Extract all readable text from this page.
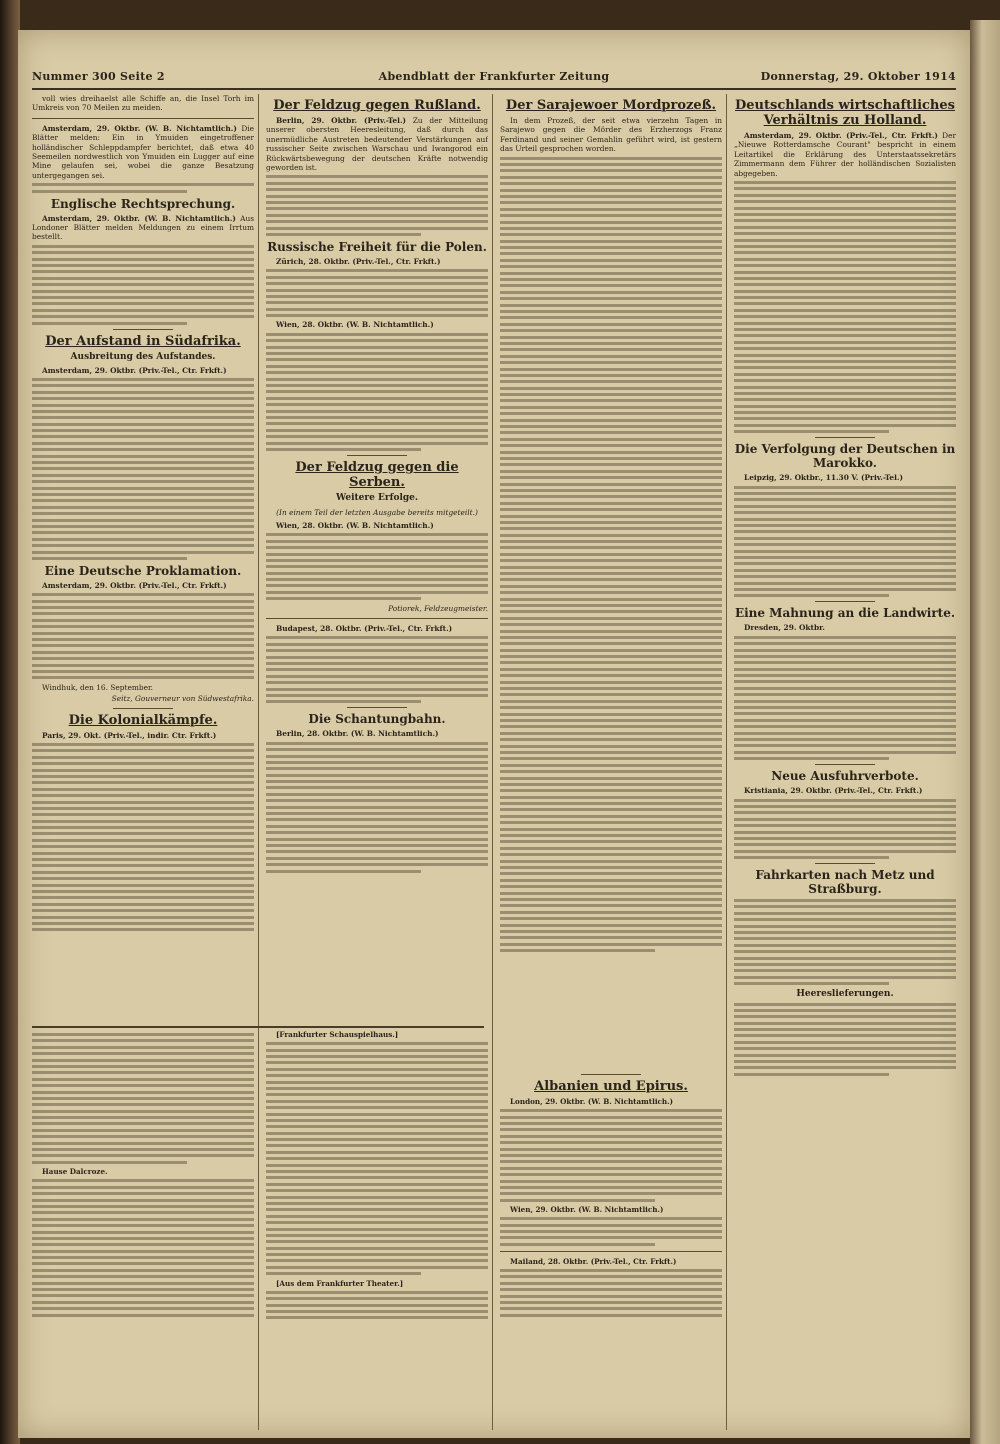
Nummer 300 Seite 2	Abendblatt der Frankfurter Zeitung	Donnerstag, 29. Oktober 1914

voll wies dreihaelst alle Schiffe an, die Insel Torh im Umkreis von 70 Meilen zu meiden.

Amsterdam, 29. Oktbr. (W. B. Nichtamtlich.) Die Blätter melden: Ein in Ymuiden eingetroffener holländischer Schleppdampfer berichtet, daß etwa 40 Seemeilen nordwestlich von Ymuiden ein Lugger auf eine Mine gelaufen sei, wobei die ganze Besatzung untergegangen sei.

Englische Rechtsprechung.

Amsterdam, 29. Oktbr. (W. B. Nichtamtlich.) Aus Londoner Blätter melden Meldungen zu einem Irrtum bestellt.

Der Aufstand in Südafrika.
Ausbreitung des Aufstandes.

Amsterdam, 29. Oktbr. (Priv.-Tel., Ctr. Frkft.)

Eine Deutsche Proklamation.

Amsterdam, 29. Oktbr. (Priv.-Tel., Ctr. Frkft.)

Windhuk, den 16. September.

Seitz, Gouverneur von Südwestafrika.

Die Kolonialkämpfe.

Paris, 29. Okt. (Priv.-Tel., indir. Ctr. Frkft.)

Der Feldzug gegen Rußland.

Berlin, 29. Oktbr. (Priv.-Tel.) Zu der Mitteilung unserer obersten Heeresleitung, daß durch das unermüdliche Austreten bedeutender Verstärkungen auf russischer Seite zwischen Warschau und Iwangorod ein Rückwärtsbewegung der deutschen Kräfte notwendig geworden ist.

Russische Freiheit für die Polen.

Zürich, 28. Oktbr. (Priv.-Tel., Ctr. Frkft.)

Wien, 28. Oktbr. (W. B. Nichtamtlich.)

Der Feldzug gegen die Serben.
Weitere Erfolge.
(In einem Teil der letzten Ausgabe bereits mitgeteilt.)

Wien, 28. Oktbr. (W. B. Nichtamtlich.)

Potiorek, Feldzeugmeister.

Budapest, 28. Oktbr. (Priv.-Tel., Ctr. Frkft.)

Die Schantungbahn.

Berlin, 28. Oktbr. (W. B. Nichtamtlich.)

Der Sarajewoer Mordprozeß.

In dem Prozeß, der seit etwa vierzehn Tagen in Sarajewo gegen die Mörder des Erzherzogs Franz Ferdinand und seiner Gemahlin geführt wird, ist gestern das Urteil gesprochen worden.

Deutschlands wirtschaftliches Verhältnis zu Holland.

Amsterdam, 29. Oktbr. (Priv.-Tel., Ctr. Frkft.) Der „Nieuwe Rotterdamsche Courant" bespricht in einem Leitartikel die Erklärung des Unterstaatssekretärs Zimmermann dem Führer der holländischen Sozialisten abgegeben.

Die Verfolgung der Deutschen in Marokko.

Leipzig, 29. Oktbr., 11.30 V. (Priv.-Tel.)

Eine Mahnung an die Landwirte.

Dresden, 29. Oktbr.

Neue Ausfuhrverbote.

Kristiania, 29. Oktbr. (Priv.-Tel., Ctr. Frkft.)

Fahrkarten nach Metz und Straßburg.
Heereslieferungen.

Hause Dalcroze.

[Frankfurter Schauspielhaus.]

[Aus dem Frankfurter Theater.]

Albanien und Epirus.

London, 29. Oktbr. (W. B. Nichtamtlich.)

Wien, 29. Oktbr. (W. B. Nichtamtlich.)

Mailand, 28. Oktbr. (Priv.-Tel., Ctr. Frkft.)
